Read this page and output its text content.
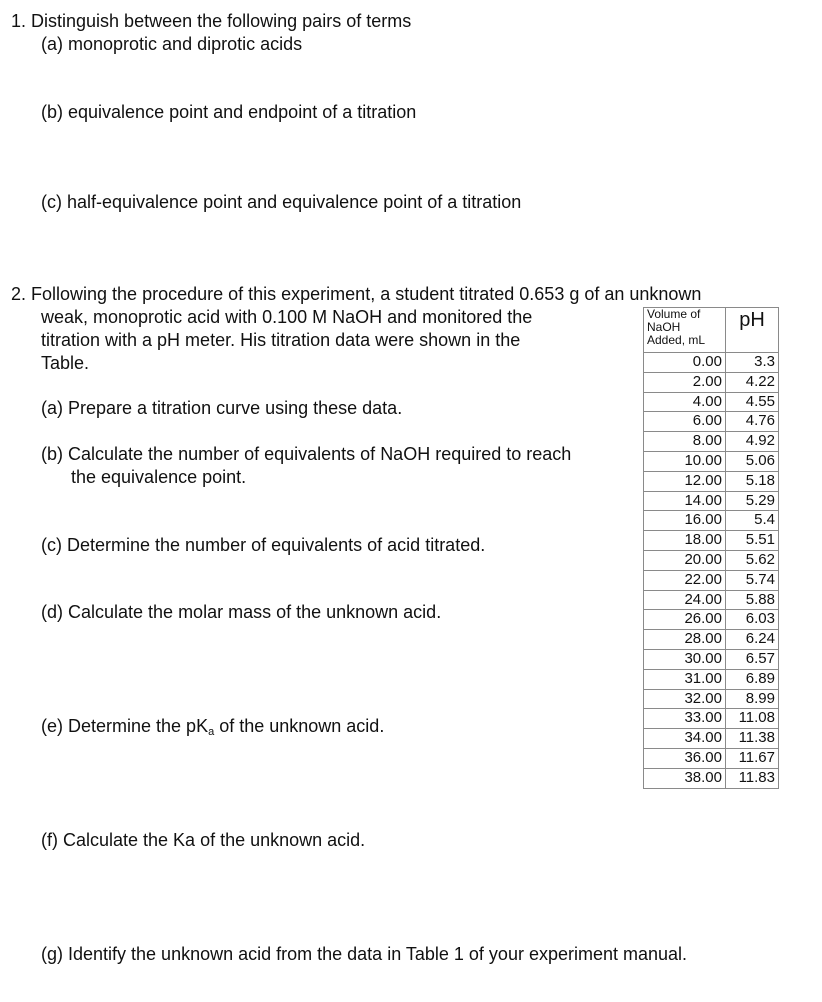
1. Distinguish between the following pairs of terms

(a) monoprotic and diprotic acids

(b) equivalence point and endpoint of a titration

(c) half-equivalence point and equivalence point of a titration

2. Following the procedure of this experiment, a student titrated 0.653 g of an unknown

weak, monoprotic acid with 0.100 M NaOH and monitored the

titration with a pH meter. His titration data were shown in the

Table.

(a) Prepare a titration curve using these data.

(b) Calculate the number of equivalents of NaOH required to reach

the equivalence point.

(c) Determine the number of equivalents of acid titrated.

(d) Calculate the molar mass of the unknown acid.

(e) Determine the pKa of the unknown acid.

(f) Calculate the Ka of the unknown acid.

(g) Identify the unknown acid from the data in Table 1 of your experiment manual.

Volume of
NaOH
Added, mL	pH
0.00	3.3
2.00	4.22
4.00	4.55
6.00	4.76
8.00	4.92
10.00	5.06
12.00	5.18
14.00	5.29
16.00	5.4
18.00	5.51
20.00	5.62
22.00	5.74
24.00	5.88
26.00	6.03
28.00	6.24
30.00	6.57
31.00	6.89
32.00	8.99
33.00	11.08
34.00	11.38
36.00	11.67
38.00	11.83
